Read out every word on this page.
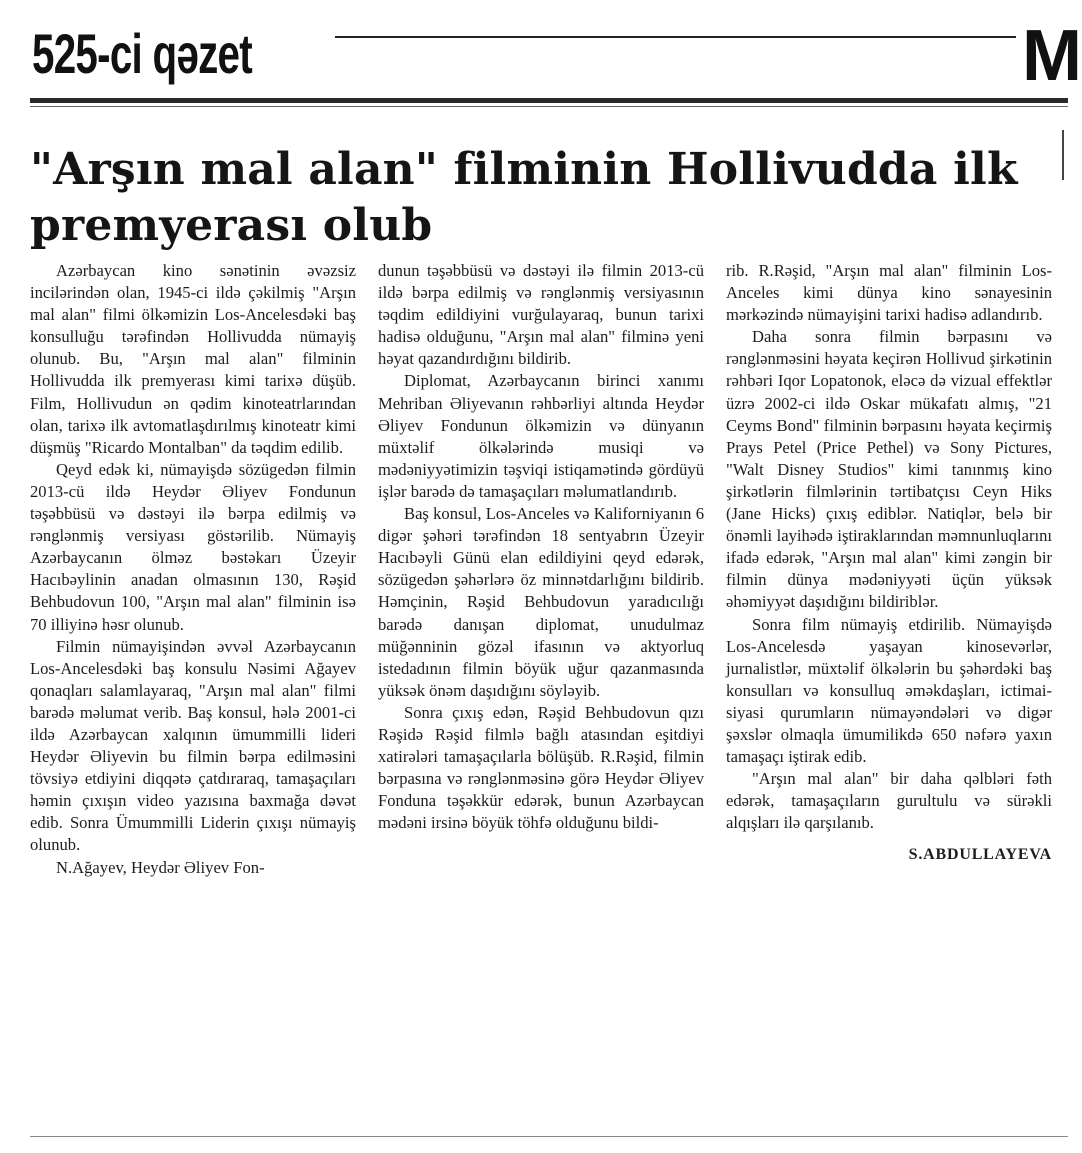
525-ci qəzet	M
"Arşın mal alan" filminin Hollivudda ilk premyerası olub

Azərbaycan kino sənətinin əvəzsiz incilərindən olan, 1945-ci ildə çəkilmiş "Arşın mal alan" filmi ölkəmizin Los-Ancelesdəki baş konsulluğu tərəfindən Hollivudda nümayiş olunub. Bu, "Arşın mal alan" filminin Hollivudda ilk premyerası kimi tarixə düşüb. Film, Hollivudun ən qədim kinoteatrlarından olan, tarixə ilk avtomatlaşdırılmış kinoteatr kimi düşmüş "Ricardo Montalban" da təqdim edilib.

Qeyd edək ki, nümayişdə sözügedən filmin 2013-cü ildə Heydər Əliyev Fondunun təşəbbüsü və dəstəyi ilə bərpa edilmiş və rənglənmiş versiyası göstərilib. Nümayiş Azərbaycanın ölməz bəstəkarı Üzeyir Hacıbəylinin anadan olmasının 130, Rəşid Behbudovun 100, "Arşın mal alan" filminin isə 70 illiyinə həsr olunub.

Filmin nümayişindən əvvəl Azərbaycanın Los-Ancelesdəki baş konsulu Nəsimi Ağayev qonaqları salamlayaraq, "Arşın mal alan" filmi barədə məlumat verib. Baş konsul, hələ 2001-ci ildə Azərbaycan xalqının ümummilli lideri Heydər Əliyevin bu filmin bərpa edilməsini tövsiyə etdiyini diqqətə çatdıraraq, tamaşaçıları həmin çıxışın video yazısına baxmağa dəvət edib. Sonra Ümummilli Liderin çıxışı nümayiş olunub.

N.Ağayev, Heydər Əliyev Fon-

dunun təşəbbüsü və dəstəyi ilə filmin 2013-cü ildə bərpa edilmiş və rənglənmiş versiyasının təqdim edildiyini vurğulayaraq, bunun tarixi hadisə olduğunu, "Arşın mal alan" filminə yeni həyat qazandırdığını bildirib.

Diplomat, Azərbaycanın birinci xanımı Mehriban Əliyevanın rəhbərliyi altında Heydər Əliyev Fondunun ölkəmizin və dünyanın müxtəlif ölkələrində musiqi və mədəniyyətimizin təşviqi istiqamətində gördüyü işlər barədə də tamaşaçıları məlumatlandırıb.

Baş konsul, Los-Anceles və Kaliforniyanın 6 digər şəhəri tərəfindən 18 sentyabrın Üzeyir Hacıbəyli Günü elan edildiyini qeyd edərək, sözügedən şəhərlərə öz minnətdarlığını bildirib. Həmçinin, Rəşid Behbudovun yaradıcılığı barədə danışan diplomat, unudulmaz müğənninin gözəl ifasının və aktyorluq istedadının filmin böyük uğur qazanmasında yüksək önəm daşıdığını söyləyib.

Sonra çıxış edən, Rəşid Behbudovun qızı Rəşidə Rəşid filmlə bağlı atasından eşitdiyi xatirələri tamaşaçılarla bölüşüb. R.Rəşid, filmin bərpasına və rənglənməsinə görə Heydər Əliyev Fonduna təşəkkür edərək, bunun Azərbaycan mədəni irsinə böyük töhfə olduğunu bildi-

rib. R.Rəşid, "Arşın mal alan" filminin Los-Anceles kimi dünya kino sənayesinin mərkəzində nümayişini tarixi hadisə adlandırıb.

Daha sonra filmin bərpasını və rənglənməsini həyata keçirən Hollivud şirkətinin rəhbəri Iqor Lopatonok, eləcə də vizual effektlər üzrə 2002-ci ildə Oskar mükafatı almış, "21 Ceyms Bond" filminin bərpasını həyata keçirmiş Prays Petel (Price Pethel) və Sony Pictures, "Walt Disney Studios" kimi tanınmış kino şirkətlərin filmlərinin tərtibatçısı Ceyn Hiks (Jane Hicks) çıxış ediblər. Natiqlər, belə bir önəmli layihədə iştiraklarından məmnunluqlarını ifadə edərək, "Arşın mal alan" kimi zəngin bir filmin dünya mədəniyyəti üçün yüksək əhəmiyyət daşıdığını bildiriblər.

Sonra film nümayiş etdirilib. Nümayişdə Los-Ancelesdə yaşayan kinosevərlər, jurnalistlər, müxtəlif ölkələrin bu şəhərdəki baş konsulları və konsulluq əməkdaşları, ictimai-siyasi qurumların nümayəndələri və digər şəxslər olmaqla ümumilikdə 650 nəfərə yaxın tamaşaçı iştirak edib.

"Arşın mal alan" bir daha qəlbləri fəth edərək, tamaşaçıların gurultulu və sürəkli alqışları ilə qarşılanıb.

S.ABDULLAYEVA
